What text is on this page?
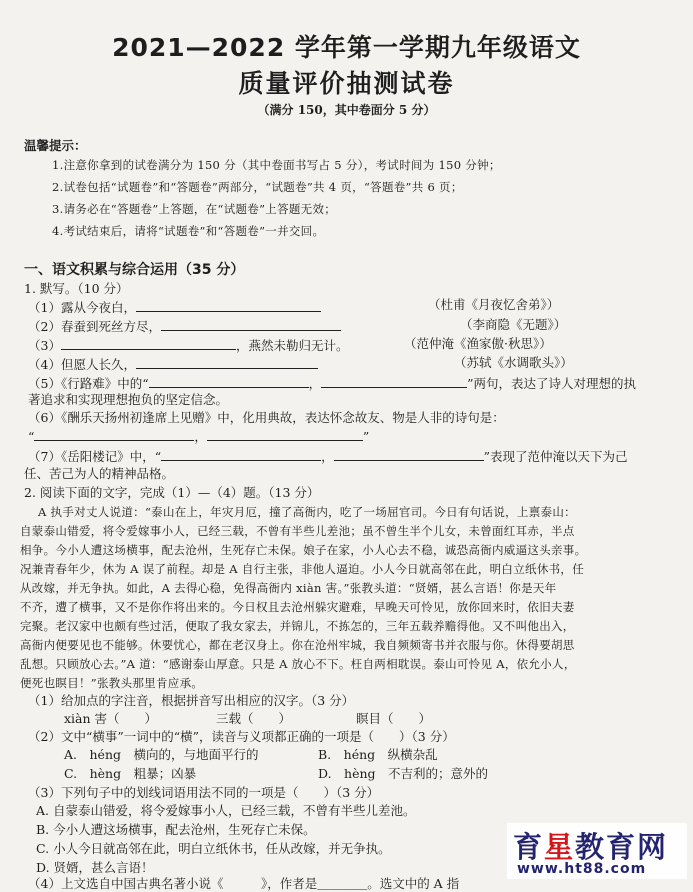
2021—2022 学年第一学期九年级语文
质量评价抽测试卷
（满分 150，其中卷面分 5 分）
温馨提示：
1.注意你拿到的试卷满分为 150 分（其中卷面书写占 5 分），考试时间为 150 分钟；
2.试卷包括“试题卷”和“答题卷”两部分，“试题卷”共 4 页，“答题卷”共 6 页；
3.请务必在“答题卷”上答题，在“试题卷”上答题无效；
4.考试结束后，请将“试题卷”和“答题卷”一并交回。
一、语文积累与综合运用（35 分）
1. 默写。（10 分）
（1）露从今夜白，	（杜甫《月夜忆舍弟》）
（2）春蚕到死丝方尽，	（李商隐《无题》）
（3）	，燕然未勒归无计。	（范仲淹《渔家傲·秋思》）
（4）但愿人长久，	（苏轼《水调歌头》）
（5）《行路难》中的“	，	”两句，表达了诗人对理想的执
著追求和实现理想抱负的坚定信念。
（6）《酬乐天扬州初逢席上见赠》中，化用典故，表达怀念故友、物是人非的诗句是：
“	，	”
（7）《岳阳楼记》中，“	，	”表现了范仲淹以天下为己
任、苦己为人的精神品格。
2. 阅读下面的文字，完成（1）—（4）题。（13 分）
A 执手对丈人说道：“泰山在上，年灾月厄，撞了高衙内，吃了一场屈官司。今日有句话说，上禀泰山：
自蒙泰山错爱，将令爱嫁事小人，已经三载，不曾有半些儿差池；虽不曾生半个儿女，未曾面红耳赤，半点
相争。今小人遭这场横事，配去沧州，生死存亡未保。娘子在家，小人心去不稳，诚恐高衙内威逼这头亲事。
况兼青春年少，休为 A 误了前程。却是 A 自行主张，非他人逼迫。小人今日就高邻在此，明白立纸休书，任
从改嫁，并无争执。如此，A 去得心稳，免得高衙内 xiàn 害。”张教头道：“贤婿，甚么言语！你是天年
不齐，遭了横事，又不是你作将出来的。今日权且去沧州躲灾避难，早晚天可怜见，放你回来时，依旧夫妻
完聚。老汉家中也颇有些过活，便取了我女家去，并锦儿，不拣怎的，三年五载养赡得他。又不叫他出入，
高衙内便要见也不能够。休要忧心，都在老汉身上。你在沧州牢城，我自频频寄书并衣服与你。休得要胡思
乱想。只顾放心去。”A 道：“感谢泰山厚意。只是 A 放心不下。枉自两相耽误。泰山可怜见 A，依允小人，
便死也瞑目！”张教头那里肯应承。
（1）给加点的字注音，根据拼音写出相应的汉字。（3 分）
xiàn 害（　　）	三载（　　）	瞑目（　　）
（2）文中“横事”一词中的“横”，读音与义项都正确的一项是（　　）（3 分）
A.　héng　横向的，与地面平行的	B.　héng　纵横杂乱
C.　hèng　粗暴；凶暴	D.　hèng　不吉利的；意外的
（3）下列句子中的划线词语用法不同的一项是（　　）（3 分）
A. 自蒙泰山错爱，将令爱嫁事小人，已经三载，不曾有半些儿差池。
B. 今小人遭这场横事，配去沧州，生死存亡未保。
C. 小人今日就高邻在此，明白立纸休书，任从改嫁，并无争执。
D. 贤婿，甚么言语！
（4）上文选自中国古典名著小说《　　　》，作者是＿＿＿＿。选文中的 A 指
育星教育网
www.ht88.com
